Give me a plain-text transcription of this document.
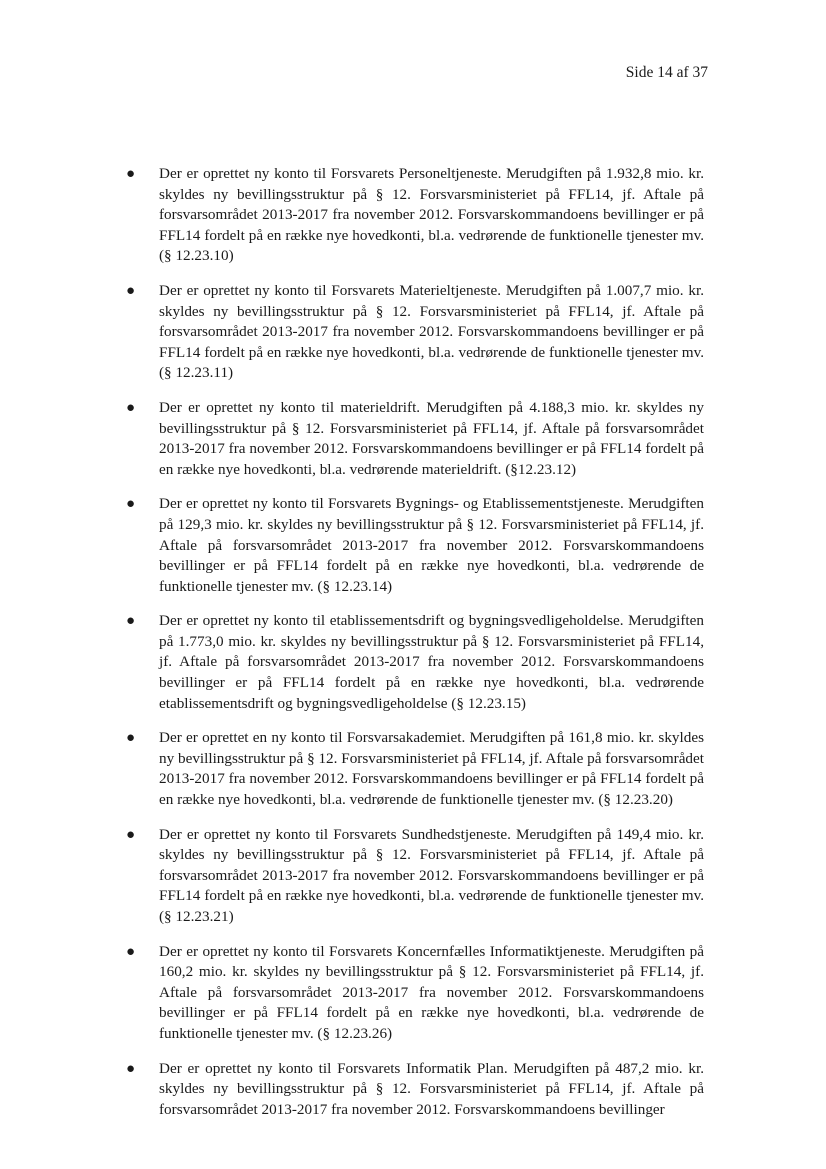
Side 14 af 37
● Der er oprettet ny konto til Forsvarets Personeltjeneste. Merudgiften på 1.932,8 mio. kr. skyldes ny bevillingsstruktur på § 12. Forsvarsministeriet på FFL14, jf. Aftale på forsvarsområdet 2013-2017 fra november 2012. Forsvarskommandoens bevillinger er på FFL14 fordelt på en række nye hovedkonti, bl.a. vedrørende de funktionelle tjenester mv. (§ 12.23.10)
● Der er oprettet ny konto til Forsvarets Materieltjeneste. Merudgiften på 1.007,7 mio. kr. skyldes ny bevillingsstruktur på § 12. Forsvarsministeriet på FFL14, jf. Aftale på forsvarsområdet 2013-2017 fra november 2012. Forsvarskommandoens bevillinger er på FFL14 fordelt på en række nye hovedkonti, bl.a. vedrørende de funktionelle tjenester mv. (§ 12.23.11)
● Der er oprettet ny konto til materieldrift. Merudgiften på 4.188,3 mio. kr. skyldes ny bevillingsstruktur på § 12. Forsvarsministeriet på FFL14, jf. Aftale på forsvarsområdet 2013-2017 fra november 2012. Forsvarskommandoens bevillinger er på FFL14 fordelt på en række nye hovedkonti, bl.a. vedrørende materieldrift. (§12.23.12)
● Der er oprettet ny konto til Forsvarets Bygnings- og Etablissementstjeneste. Merudgiften på 129,3 mio. kr. skyldes ny bevillingsstruktur på § 12. Forsvarsministeriet på FFL14, jf. Aftale på forsvarsområdet 2013-2017 fra november 2012. Forsvarskommandoens bevillinger er på FFL14 fordelt på en række nye hovedkonti, bl.a. vedrørende de funktionelle tjenester mv. (§ 12.23.14)
● Der er oprettet ny konto til etablissementsdrift og bygningsvedligeholdelse. Merudgiften på 1.773,0 mio. kr. skyldes ny bevillingsstruktur på § 12. Forsvarsministeriet på FFL14, jf. Aftale på forsvarsområdet 2013-2017 fra november 2012. Forsvarskommandoens bevillinger er på FFL14 fordelt på en række nye hovedkonti, bl.a. vedrørende etablissementsdrift og bygningsvedligeholdelse (§ 12.23.15)
● Der er oprettet en ny konto til Forsvarsakademiet. Merudgiften på 161,8 mio. kr. skyldes ny bevillingsstruktur på § 12. Forsvarsministeriet på FFL14, jf. Aftale på forsvarsområdet 2013-2017 fra november 2012. Forsvarskommandoens bevillinger er på FFL14 fordelt på en række nye hovedkonti, bl.a. vedrørende de funktionelle tjenester mv. (§ 12.23.20)
● Der er oprettet ny konto til Forsvarets Sundhedstjeneste. Merudgiften på 149,4 mio. kr. skyldes ny bevillingsstruktur på § 12. Forsvarsministeriet på FFL14, jf. Aftale på forsvarsområdet 2013-2017 fra november 2012. Forsvarskommandoens bevillinger er på FFL14 fordelt på en række nye hovedkonti, bl.a. vedrørende de funktionelle tjenester mv. (§ 12.23.21)
● Der er oprettet ny konto til Forsvarets Koncernfælles Informatiktjeneste. Merudgiften på 160,2 mio. kr. skyldes ny bevillingsstruktur på § 12. Forsvarsministeriet på FFL14, jf. Aftale på forsvarsområdet 2013-2017 fra november 2012. Forsvarskommandoens bevillinger er på FFL14 fordelt på en række nye hovedkonti, bl.a. vedrørende de funktionelle tjenester mv. (§ 12.23.26)
● Der er oprettet ny konto til Forsvarets Informatik Plan. Merudgiften på 487,2 mio. kr. skyldes ny bevillingsstruktur på § 12. Forsvarsministeriet på FFL14, jf. Aftale på forsvarsområdet 2013-2017 fra november 2012. Forsvarskommandoens bevillinger
